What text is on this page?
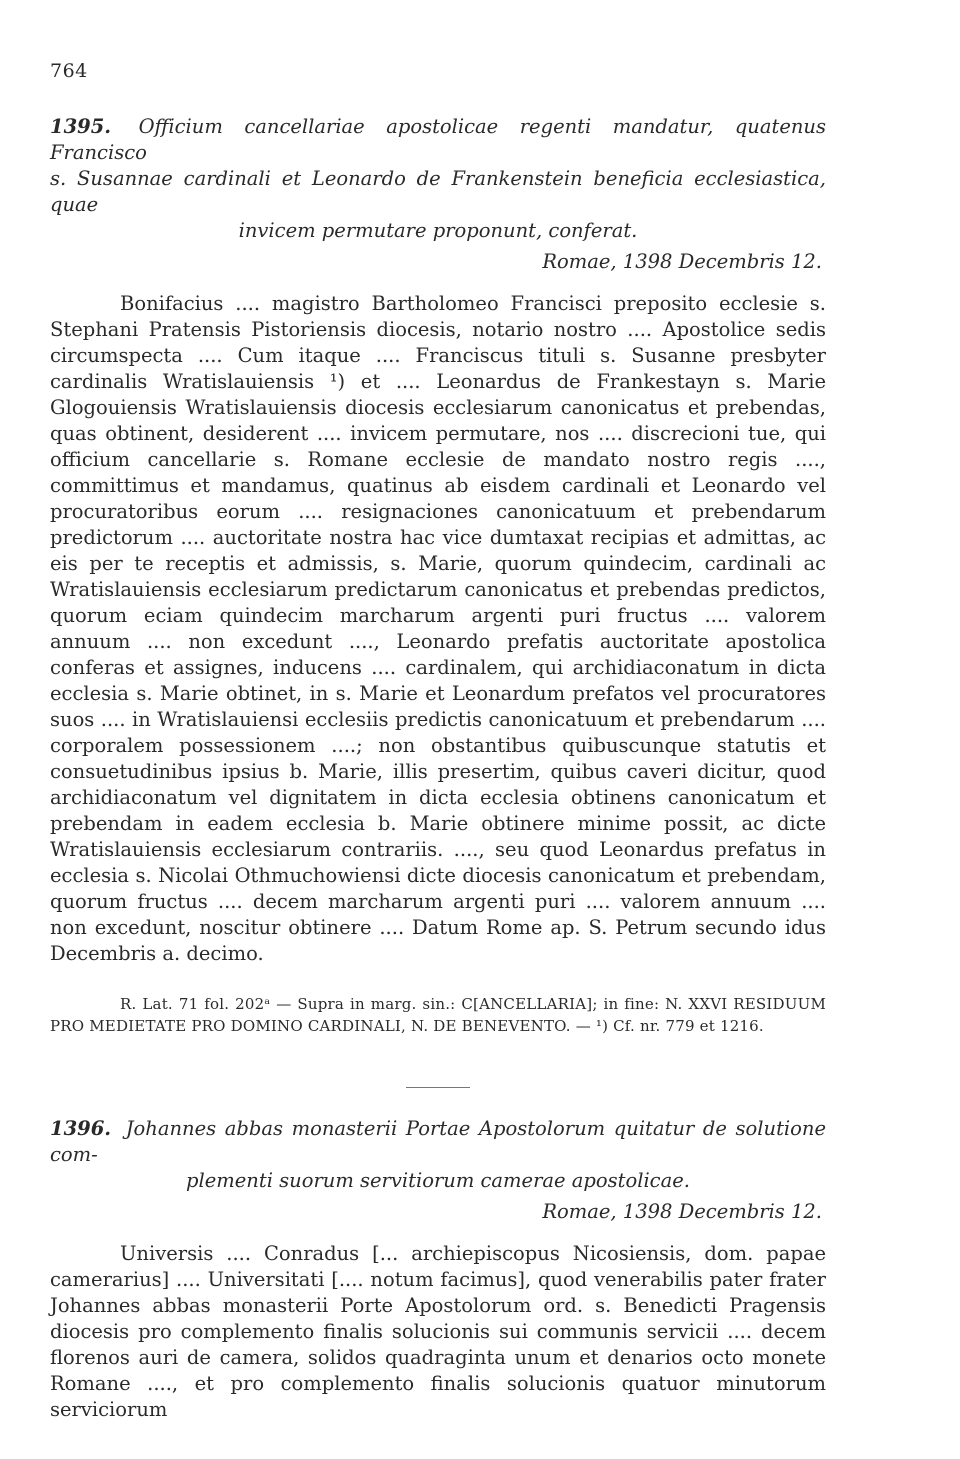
764
1395. Officium cancellariae apostolicae regenti mandatur, quatenus Francisco
s. Susannae cardinali et Leonardo de Frankenstein beneficia ecclesiastica, quae
invicem permutare proponunt, conferat.
Romae, 1398 Decembris 12.

Bonifacius .... magistro Bartholomeo Francisci preposito ecclesie s. Stephani Pratensis Pistoriensis diocesis, notario nostro .... Apostolice sedis circumspecta .... Cum itaque .... Franciscus tituli s. Susanne presbyter cardinalis Wratislauiensis ¹) et .... Leonardus de Frankestayn s. Marie Glogouiensis Wratislauiensis diocesis ecclesiarum canonicatus et prebendas, quas obtinent, desiderent .... invicem permutare, nos .... discrecioni tue, qui officium cancellarie s. Romane ecclesie de mandato nostro regis ...., committimus et mandamus, quatinus ab eisdem cardinali et Leonardo vel procuratoribus eorum .... resignaciones canonicatuum et prebendarum predictorum .... auctoritate nostra hac vice dumtaxat recipias et admittas, ac eis per te receptis et admissis, s. Marie, quorum quindecim, cardinali ac Wratislauiensis ecclesiarum predictarum canonicatus et prebendas predictos, quorum eciam quindecim marcharum argenti puri fructus .... valorem annuum .... non excedunt ...., Leonardo prefatis auctoritate apostolica conferas et assignes, inducens .... cardinalem, qui archidiaconatum in dicta ecclesia s. Marie obtinet, in s. Marie et Leonardum prefatos vel procuratores suos .... in Wratislauiensi ecclesiis predictis canonicatuum et prebendarum .... corporalem possessionem ....; non obstantibus quibuscunque statutis et consuetudinibus ipsius b. Marie, illis presertim, quibus caveri dicitur, quod archidiaconatum vel dignitatem in dicta ecclesia obtinens canonicatum et prebendam in eadem ecclesia b. Marie obtinere minime possit, ac dicte Wratislauiensis ecclesiarum contrariis. ...., seu quod Leonardus prefatus in ecclesia s. Nicolai Othmuchowiensi dicte diocesis canonicatum et prebendam, quorum fructus .... decem marcharum argenti puri .... valorem annuum .... non excedunt, noscitur obtinere .... Datum Rome ap. S. Petrum secundo idus Decembris a. decimo.

R. Lat. 71 fol. 202ᵃ — Supra in marg. sin.: C[ANCELLARIA]; in fine: N. XXVI RESIDUUM PRO MEDIETATE PRO DOMINO CARDINALI, N. DE BENEVENTO. — ¹) Cf. nr. 779 et 1216.
1396. Johannes abbas monasterii Portae Apostolorum quitatur de solutione com-
plementi suorum servitiorum camerae apostolicae.
Romae, 1398 Decembris 12.

Universis .... Conradus [... archiepiscopus Nicosiensis, dom. papae camerarius] .... Universitati [.... notum facimus], quod venerabilis pater frater Johannes abbas monasterii Porte Apostolorum ord. s. Benedicti Pragensis diocesis pro complemento finalis solucionis sui communis servicii .... decem florenos auri de camera, solidos quadraginta unum et denarios octo monete Romane ...., et pro complemento finalis solucionis quatuor minutorum serviciorum
